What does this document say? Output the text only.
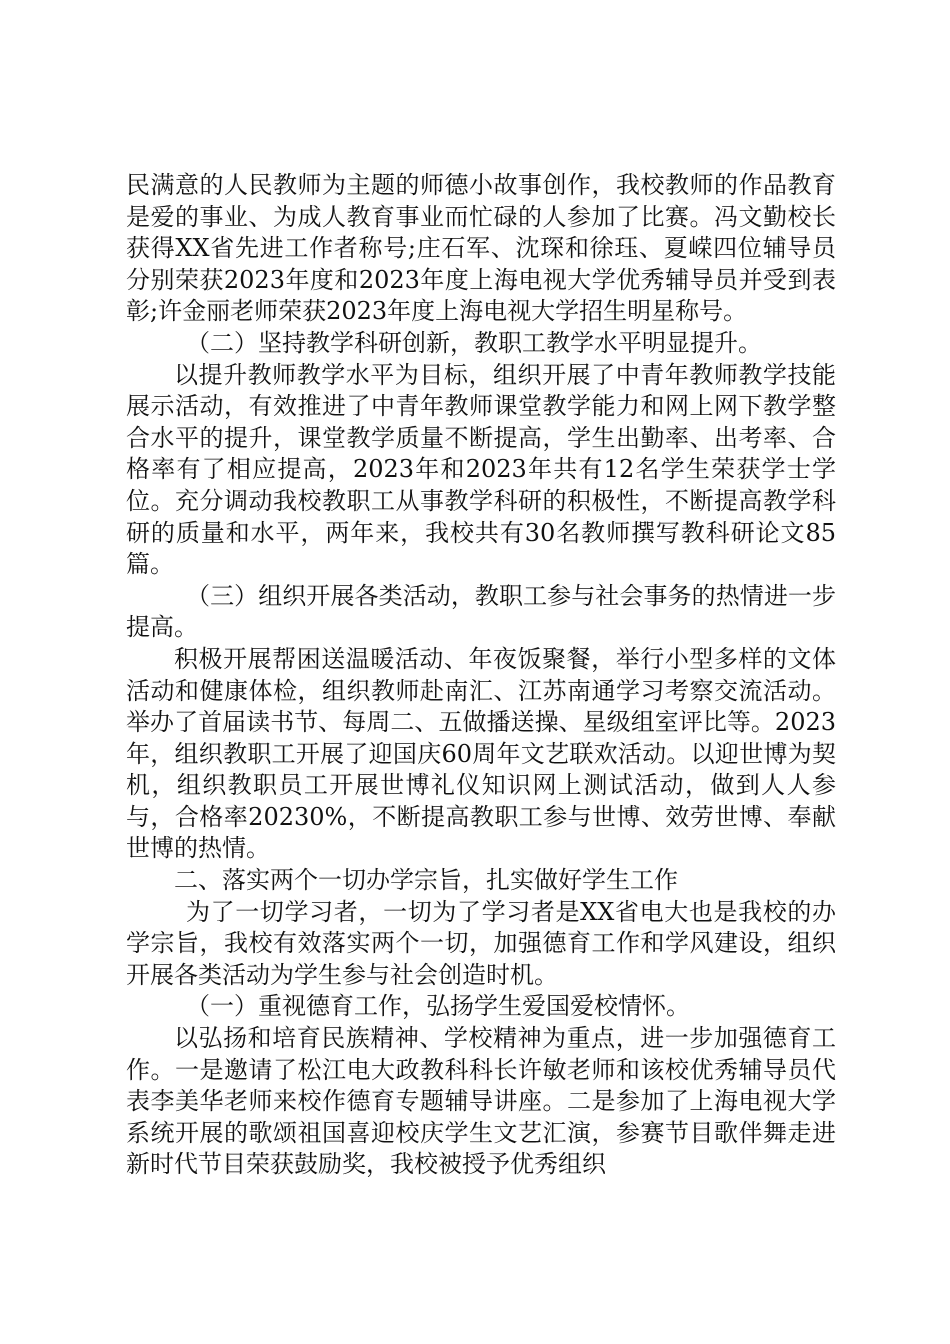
民满意的人民教师为主题的师德小故事创作，我校教师的作品教育是爱的事业、为成人教育事业而忙碌的人参加了比赛。冯文勤校长获得XX省先进工作者称号;庄石军、沈琛和徐珏、夏嵘四位辅导员分别荣获2023年度和2023年度上海电视大学优秀辅导员并受到表彰;许金丽老师荣获2023年度上海电视大学招生明星称号。

（二）坚持教学科研创新，教职工教学水平明显提升。

以提升教师教学水平为目标，组织开展了中青年教师教学技能展示活动，有效推进了中青年教师课堂教学能力和网上网下教学整合水平的提升，课堂教学质量不断提高，学生出勤率、出考率、合格率有了相应提高，2023年和2023年共有12名学生荣获学士学位。充分调动我校教职工从事教学科研的积极性，不断提高教学科研的质量和水平，两年来，我校共有30名教师撰写教科研论文85篇。

（三）组织开展各类活动，教职工参与社会事务的热情进一步提高。

积极开展帮困送温暖活动、年夜饭聚餐，举行小型多样的文体活动和健康体检，组织教师赴南汇、江苏南通学习考察交流活动。举办了首届读书节、每周二、五做播送操、星级组室评比等。2023年，组织教职工开展了迎国庆60周年文艺联欢活动。以迎世博为契机，组织教职员工开展世博礼仪知识网上测试活动，做到人人参与，合格率20230%，不断提高教职工参与世博、效劳世博、奉献世博的热情。

二、落实两个一切办学宗旨，扎实做好学生工作

为了一切学习者，一切为了学习者是XX省电大也是我校的办学宗旨，我校有效落实两个一切，加强德育工作和学风建设，组织开展各类活动为学生参与社会创造时机。

（一）重视德育工作，弘扬学生爱国爱校情怀。

以弘扬和培育民族精神、学校精神为重点，进一步加强德育工作。一是邀请了松江电大政教科科长许敏老师和该校优秀辅导员代表李美华老师来校作德育专题辅导讲座。二是参加了上海电视大学系统开展的歌颂祖国喜迎校庆学生文艺汇演，参赛节目歌伴舞走进新时代节目荣获鼓励奖，我校被授予优秀组织
